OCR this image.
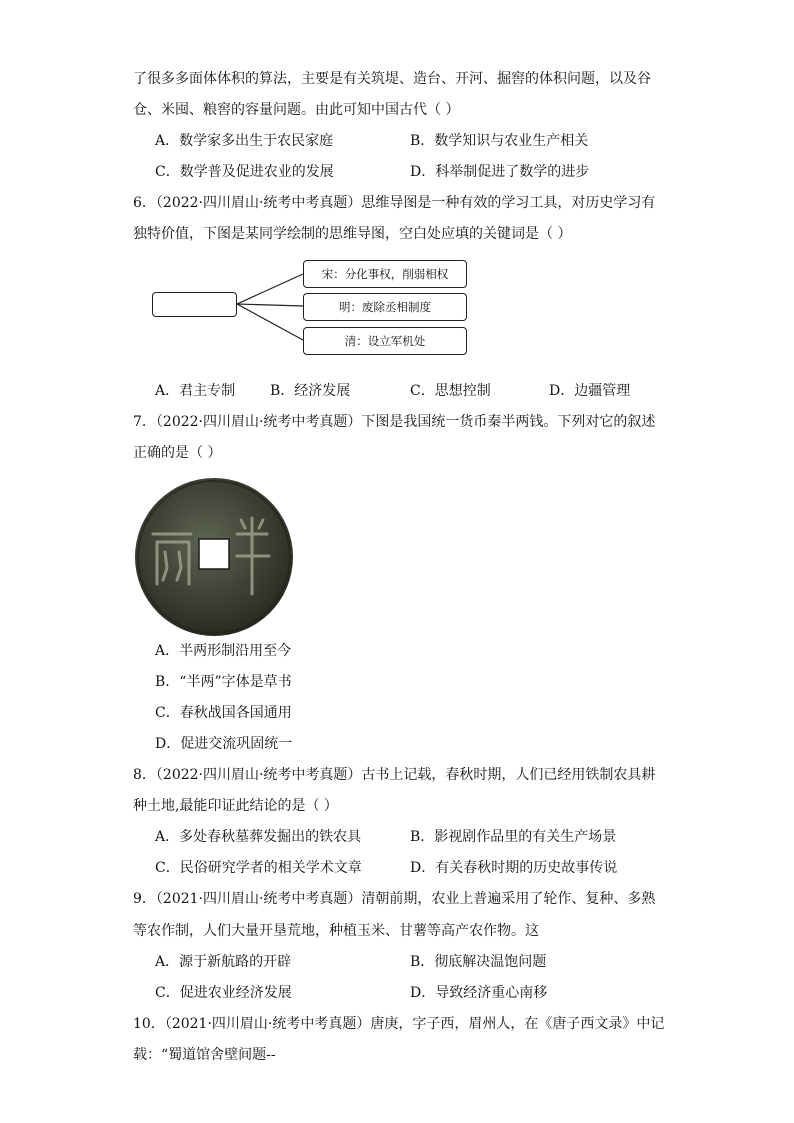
了很多多面体体积的算法，主要是有关筑堤、造台、开河、掘窖的体积问题，以及谷
仓、米囤、粮窖的容量问题。由此可知中国古代（ ）
A．数学家多出生于农民家庭	B．数学知识与农业生产相关
C．数学普及促进农业的发展	D．科举制促进了数学的进步
6．（2022·四川眉山·统考中考真题）思维导图是一种有效的学习工具，对历史学习有
独特价值，下图是某同学绘制的思维导图，空白处应填的关键词是（ ）
宋：分化事权，削弱相权
明：废除丞相制度
清：设立军机处
A．君主专制 B．经济发展	C．思想控制	D．边疆管理
7．（2022·四川眉山·统考中考真题）下图是我国统一货币秦半两钱。下列对它的叙述
正确的是（ ）
A．半两形制沿用至今
B．“半两”字体是草书
C．春秋战国各国通用
D．促进交流巩固统一
8．（2022·四川眉山·统考中考真题）古书上记载，春秋时期，人们已经用铁制农具耕
种土地,最能印证此结论的是（ ）
A．多处春秋墓葬发掘出的铁农具	B．影视剧作品里的有关生产场景
C．民俗研究学者的相关学术文章	D．有关春秋时期的历史故事传说
9．（2021·四川眉山·统考中考真题）清朝前期，农业上普遍采用了轮作、复种、多熟
等农作制，人们大量开垦荒地，种植玉米、甘薯等高产农作物。这
A．源于新航路的开辟	B．彻底解决温饱问题
C．促进农业经济发展	D．导致经济重心南移
10．（2021·四川眉山·统考中考真题）唐庚，字子西，眉州人，在《唐子西文录》中记
载：“蜀道馆舍壁间题--
